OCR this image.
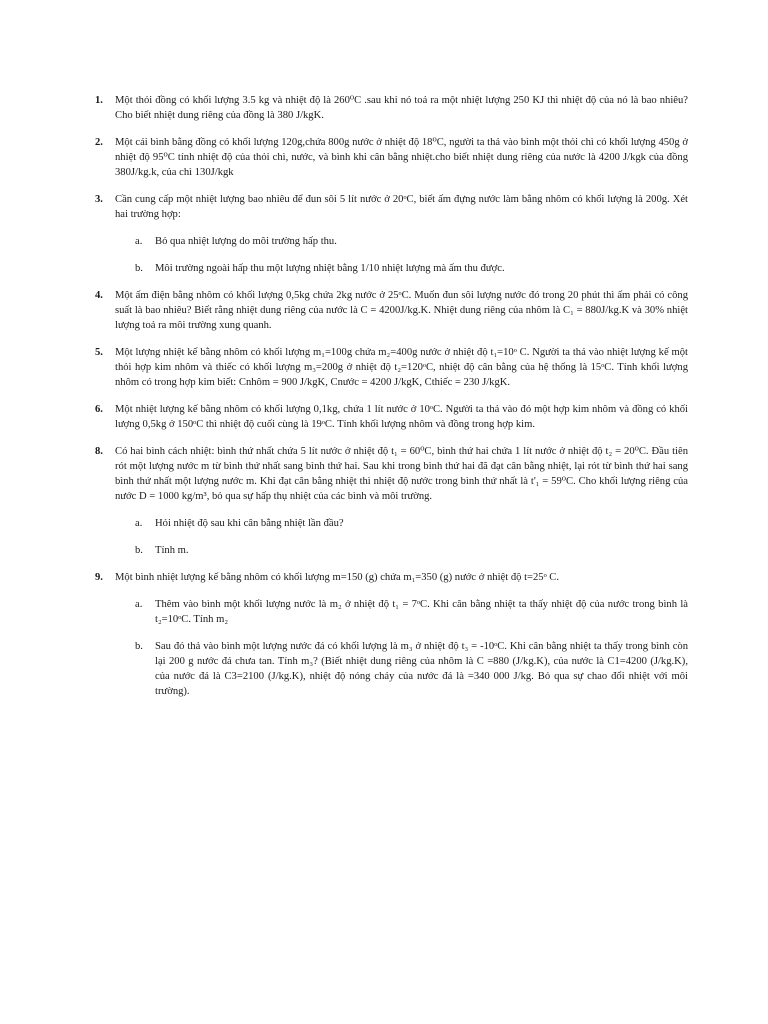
1. Một thỏi đồng có khối lượng 3.5 kg và nhiệt độ là 260⁰C .sau khi nó toả ra một nhiệt lượng 250 KJ thì nhiệt độ của nó là bao nhiêu? Cho biết nhiệt dung riêng của đồng là 380 J/kgK.
2. Một cái bình bằng đồng có khối lượng 120g,chứa 800g nước ở nhiệt độ 18⁰C, người ta thả vào bình một thỏi chì có khối lượng 450g ở nhiệt độ 95⁰C tính nhiệt độ của thỏi chì, nước, và bình khi cân bằng nhiệt.cho biết nhiệt dung riêng của nước là 4200 J/kgk của đồng 380J/kg.k, của chì 130J/kgk
3. Cần cung cấp một nhiệt lượng bao nhiêu để đun sôi 5 lít nước ở 20ᵒC, biết ấm đựng nước làm bằng nhôm có khối lượng là 200g. Xét hai trường hợp:
a. Bỏ qua nhiệt lượng do môi trường hấp thu.
b. Môi trường ngoài hấp thu một lượng nhiệt bằng 1/10 nhiệt lượng mà ấm thu được.
4. Một ấm điện bằng nhôm có khối lượng 0,5kg chứa 2kg nước ở 25ᵒC. Muốn đun sôi lượng nước đó trong 20 phút thì ấm phải có công suất là bao nhiêu? Biết rằng nhiệt dung riêng của nước là C = 4200J/kg.K. Nhiệt dung riêng của nhôm là C₁ = 880J/kg.K và 30% nhiệt lượng toả ra môi trường xung quanh.
5. Một lượng nhiệt kế bằng nhôm có khối lượng m₁=100g chứa m₂=400g nước ở nhiệt độ t₁=10ᵒ C. Người ta thả vào nhiệt lượng kế một thỏi hợp kim nhôm và thiếc có khối lượng m₃=200g ở nhiệt độ t₂=120ᵒC, nhiệt độ cân bằng của hệ thống là 15ᵒC. Tính khối lượng nhôm có trong hợp kim biết: Cnhôm = 900 J/kgK, Cnước = 4200 J/kgK, Cthiếc = 230 J/kgK.
6. Một nhiệt lượng kế bằng nhôm có khối lượng 0,1kg, chứa 1 lít nước ở 10ᵒC. Người ta thả vào đó một hợp kim nhôm và đồng có khối lượng 0,5kg ở 150ᵒC thì nhiệt độ cuối cùng là 19ᵒC. Tính khối lượng nhôm và đồng trong hợp kim.
8. Có hai bình cách nhiệt: bình thứ nhất chứa 5 lít nước ở nhiệt độ t₁ = 60⁰C, bình thứ hai chứa 1 lít nước ở nhiệt độ t₂ = 20⁰C. Đầu tiên rót một lượng nước m từ bình thứ nhất sang bình thứ hai. Sau khi trong bình thứ hai đã đạt cân bằng nhiệt, lại rót từ bình thứ hai sang bình thứ nhất một lượng nước m. Khi đạt cân bằng nhiệt thì nhiệt độ nước trong bình thứ nhất là t'₁ = 59⁰C. Cho khối lượng riêng của nước D = 1000 kg/m³, bỏ qua sự hấp thụ nhiệt của các bình và môi trường.
a. Hỏi nhiệt độ sau khi cân bằng nhiệt lần đầu?
b. Tính m.
9. Một bình nhiệt lượng kế bằng nhôm có khối lượng m=150 (g) chứa m₁=350 (g) nước ở nhiệt độ t=25ᵒ C.
a. Thêm vào bình một khối lượng nước là m₂ ở nhiệt độ t₁ = 7ᵒC. Khi cân bằng nhiệt ta thấy nhiệt độ của nước trong bình là t₂=10ᵒC. Tính m₂
b. Sau đó thả vào bình một lượng nước đá có khối lượng là m₃ ở nhiệt độ t₃ = -10ᵒC. Khi cân bằng nhiệt ta thấy trong bình còn lại 200 g nước đá chưa tan. Tính m₃? (Biết nhiệt dung riêng của nhôm là C =880 (J/kg.K), của nước là C1=4200 (J/kg.K), của nước đá là C3=2100 (J/kg.K), nhiệt độ nóng chảy của nước đá là =340 000 J/kg. Bỏ qua sự chao đổi nhiệt với môi trường).
